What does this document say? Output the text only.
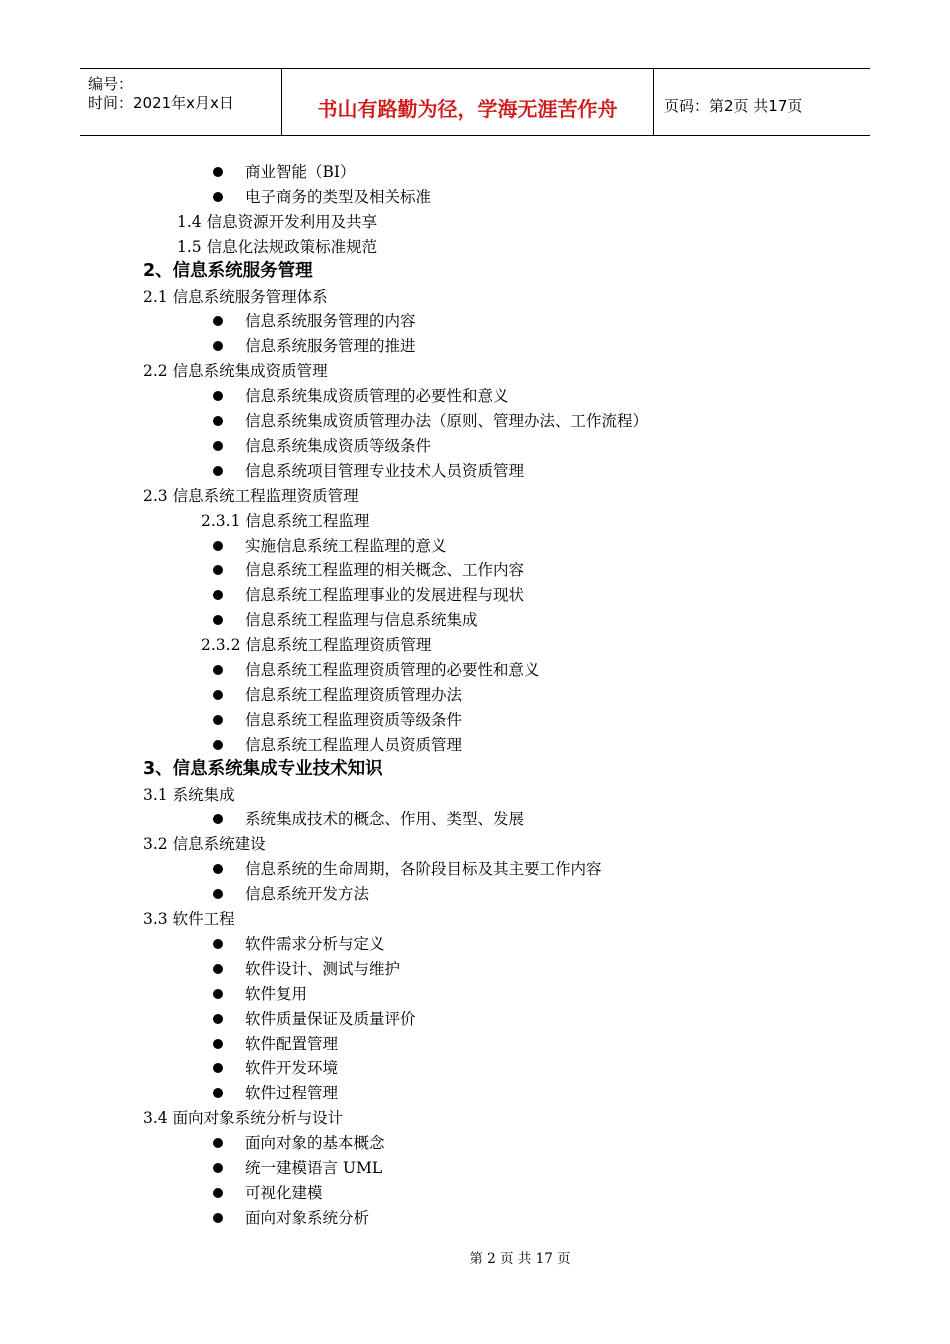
编号：
时间：2021年x月x日	书山有路勤为径，学海无涯苦作舟	页码：第2页 共17页
商业智能（BI）
电子商务的类型及相关标准
1.4 信息资源开发利用及共享
1.5 信息化法规政策标准规范
2、信息系统服务管理
2.1 信息系统服务管理体系
信息系统服务管理的内容
信息系统服务管理的推进
2.2 信息系统集成资质管理
信息系统集成资质管理的必要性和意义
信息系统集成资质管理办法（原则、管理办法、工作流程）
信息系统集成资质等级条件
信息系统项目管理专业技术人员资质管理
2.3 信息系统工程监理资质管理
2.3.1 信息系统工程监理
实施信息系统工程监理的意义
信息系统工程监理的相关概念、工作内容
信息系统工程监理事业的发展进程与现状
信息系统工程监理与信息系统集成
2.3.2 信息系统工程监理资质管理
信息系统工程监理资质管理的必要性和意义
信息系统工程监理资质管理办法
信息系统工程监理资质等级条件
信息系统工程监理人员资质管理
3、信息系统集成专业技术知识
3.1 系统集成
系统集成技术的概念、作用、类型、发展
3.2 信息系统建设
信息系统的生命周期，各阶段目标及其主要工作内容
信息系统开发方法
3.3 软件工程
软件需求分析与定义
软件设计、测试与维护
软件复用
软件质量保证及质量评价
软件配置管理
软件开发环境
软件过程管理
3.4 面向对象系统分析与设计
面向对象的基本概念
统一建模语言 UML
可视化建模
面向对象系统分析
第 2 页 共 17 页
